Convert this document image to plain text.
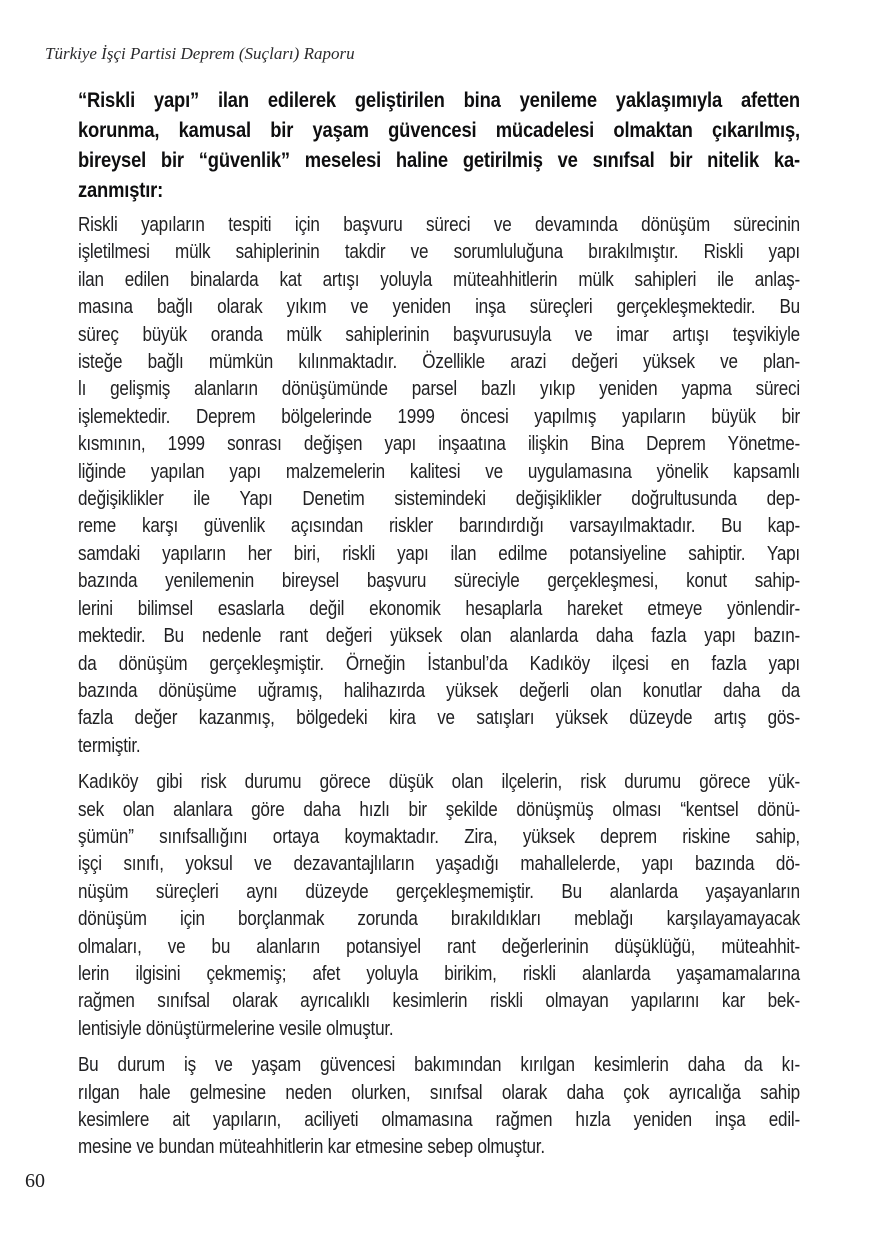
Türkiye İşçi Partisi Deprem (Suçları) Raporu
“Riskli yapı” ilan edilerek geliştirilen bina yenileme yaklaşımıyla afetten
korunma, kamusal bir yaşam güvencesi mücadelesi olmaktan çıkarılmış,
bireysel bir “güvenlik” meselesi haline getirilmiş ve sınıfsal bir nitelik ka-
zanmıştır:
Riskli yapıların tespiti için başvuru süreci ve devamında dönüşüm sürecinin
işletilmesi mülk sahiplerinin takdir ve sorumluluğuna bırakılmıştır. Riskli yapı
ilan edilen binalarda kat artışı yoluyla müteahhitlerin mülk sahipleri ile anlaş-
masına bağlı olarak yıkım ve yeniden inşa süreçleri gerçekleşmektedir. Bu
süreç büyük oranda mülk sahiplerinin başvurusuyla ve imar artışı teşvikiyle
isteğe bağlı mümkün kılınmaktadır. Özellikle arazi değeri yüksek ve plan-
lı gelişmiş alanların dönüşümünde parsel bazlı yıkıp yeniden yapma süreci
işlemektedir. Deprem bölgelerinde 1999 öncesi yapılmış yapıların büyük bir
kısmının, 1999 sonrası değişen yapı inşaatına ilişkin Bina Deprem Yönetme-
liğinde yapılan yapı malzemelerin kalitesi ve uygulamasına yönelik kapsamlı
değişiklikler ile Yapı Denetim sistemindeki değişiklikler doğrultusunda dep-
reme karşı güvenlik açısından riskler barındırdığı varsayılmaktadır. Bu kap-
samdaki yapıların her biri, riskli yapı ilan edilme potansiyeline sahiptir. Yapı
bazında yenilemenin bireysel başvuru süreciyle gerçekleşmesi, konut sahip-
lerini bilimsel esaslarla değil ekonomik hesaplarla hareket etmeye yönlendir-
mektedir. Bu nedenle rant değeri yüksek olan alanlarda daha fazla yapı bazın-
da dönüşüm gerçekleşmiştir. Örneğin İstanbul’da Kadıköy ilçesi en fazla yapı
bazında dönüşüme uğramış, halihazırda yüksek değerli olan konutlar daha da
fazla değer kazanmış, bölgedeki kira ve satışları yüksek düzeyde artış gös-
termiştir.
Kadıköy gibi risk durumu görece düşük olan ilçelerin, risk durumu görece yük-
sek olan alanlara göre daha hızlı bir şekilde dönüşmüş olması “kentsel dönü-
şümün” sınıfsallığını ortaya koymaktadır. Zira, yüksek deprem riskine sahip,
işçi sınıfı, yoksul ve dezavantajlıların yaşadığı mahallelerde, yapı bazında dö-
nüşüm süreçleri aynı düzeyde gerçekleşmemiştir. Bu alanlarda yaşayanların
dönüşüm için borçlanmak zorunda bırakıldıkları meblağı karşılayamayacak
olmaları, ve bu alanların potansiyel rant değerlerinin düşüklüğü, müteahhit-
lerin ilgisini çekmemiş; afet yoluyla birikim, riskli alanlarda yaşamamalarına
rağmen sınıfsal olarak ayrıcalıklı kesimlerin riskli olmayan yapılarını kar bek-
lentisiyle dönüştürmelerine vesile olmuştur.
Bu durum iş ve yaşam güvencesi bakımından kırılgan kesimlerin daha da kı-
rılgan hale gelmesine neden olurken, sınıfsal olarak daha çok ayrıcalığa sahip
kesimlere ait yapıların, aciliyeti olmamasına rağmen hızla yeniden inşa edil-
mesine ve bundan müteahhitlerin kar etmesine sebep olmuştur.
60
